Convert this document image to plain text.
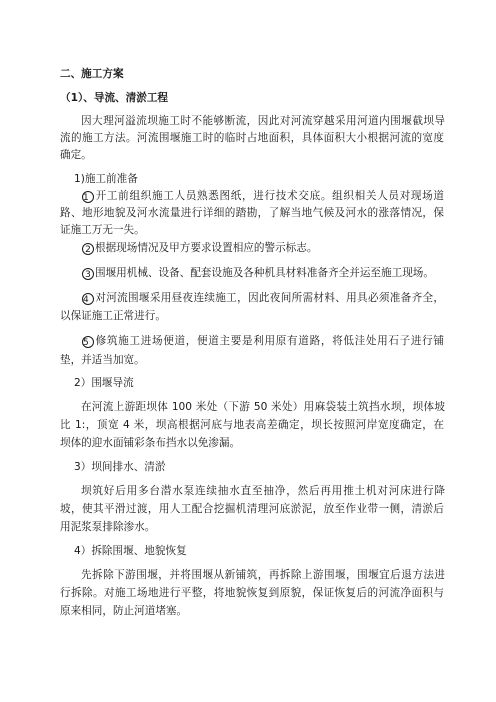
二、施工方案
（1）、导流、清淤工程
因大理河溢流坝施工时不能够断流，因此对河流穿越采用河道内围堰截坝导
流的施工方法。河流围堰施工时的临时占地面积，具体面积大小根据河流的宽度
确定。
1)施工前准备
1 开工前组织施工人员熟悉图纸，进行技术交底。组织相关人员对现场道
路、地形地貌及河水流量进行详细的踏勘，了解当地气候及河水的涨落情况，保
证施工万无一失。
2 根据现场情况及甲方要求设置相应的警示标志。
3 围堰用机械、设备、配套设施及各种机具材料准备齐全并运至施工现场。
4 对河流围堰采用昼夜连续施工，因此夜间所需材料、用具必须准备齐全，
以保证施工正常进行。
5 修筑施工进场便道，便道主要是利用原有道路，将低洼处用石子进行铺
垫，并适当加宽。
2）围堰导流
在河流上游距坝体 100 米处（下游 50 米处）用麻袋装土筑挡水坝，坝体坡
比 1:，顶宽 4 米，坝高根据河底与地表高差确定，坝长按照河岸宽度确定，在
坝体的迎水面铺彩条布挡水以免渗漏。
3）坝间排水、清淤
坝筑好后用多台潜水泵连续抽水直至抽净，然后再用推土机对河床进行降
坡，使其平滑过渡，用人工配合挖掘机清理河底淤泥，放至作业带一侧，清淤后
用泥浆泵排除渗水。
4）拆除围堰、地貌恢复
先拆除下游围堰，并将围堰从新铺筑，再拆除上游围堰，围堰宜后退方法进
行拆除。对施工场地进行平整，将地貌恢复到原貌，保证恢复后的河流净面积与
原来相同，防止河道堵塞。
